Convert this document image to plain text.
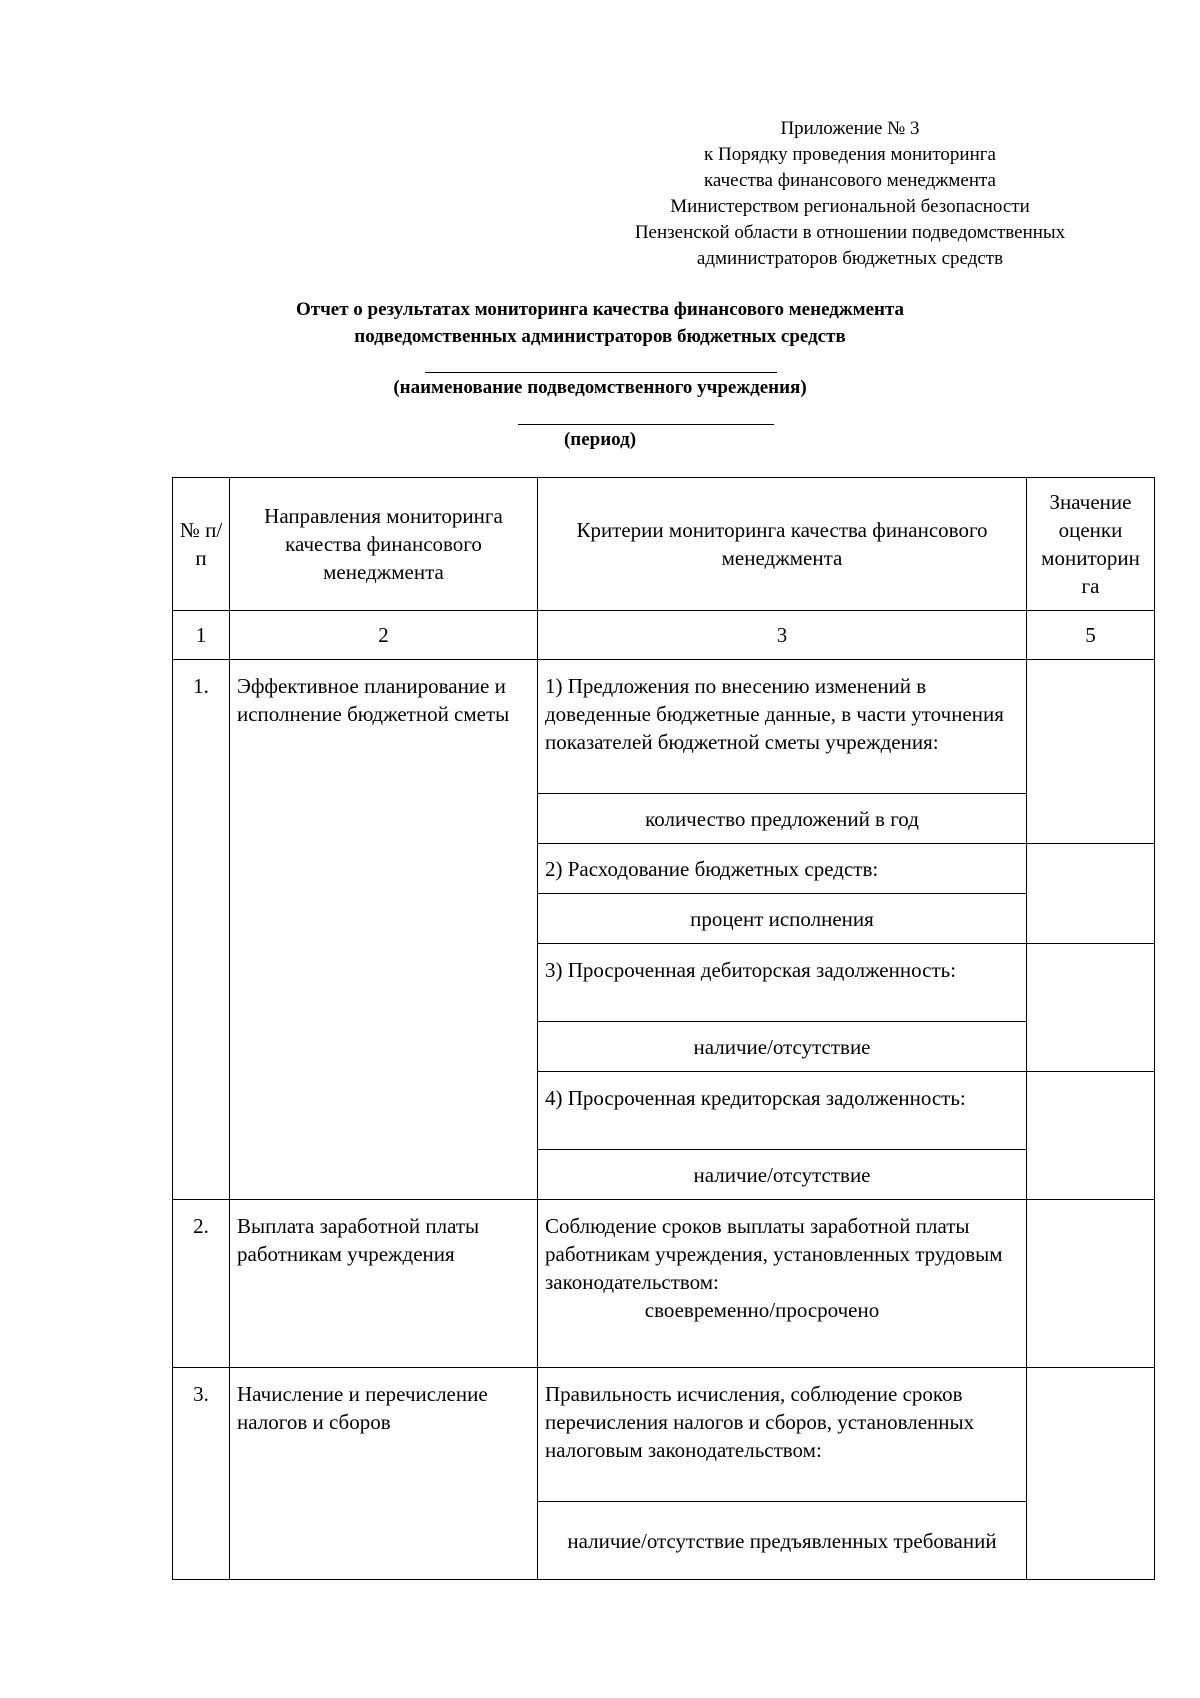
Приложение № 3
к Порядку проведения мониторинга
качества финансового менеджмента
Министерством региональной безопасности
Пензенской области в отношении подведомственных
администраторов бюджетных средств
Отчет о результатах мониторинга качества финансового менеджмента
подведомственных администраторов бюджетных средств
(наименование подведомственного учреждения)
(период)
№ п/п	Направления мониторинга качества финансового менеджмента	Критерии мониторинга качества финансового менеджмента	Значение оценки мониторин га
1	2	3	5
1.	Эффективное планирование и исполнение бюджетной сметы	1) Предложения по внесению изменений в доведенные бюджетные данные, в части уточнения показателей бюджетной сметы учреждения:	
		количество предложений в год	
		2) Расходование бюджетных средств:	
		процент исполнения	
		3) Просроченная дебиторская задолженность:	
		наличие/отсутствие	
		4) Просроченная кредиторская задолженность:	
		наличие/отсутствие	
2.	Выплата заработной платы работникам учреждения	Соблюдение сроков выплаты заработной платы работникам учреждения, установленных трудовым законодательством:
своевременно/просрочено	

3.	Начисление и перечисление налогов и сборов	Правильность исчисления, соблюдение сроков перечисления налогов и сборов, установленных налоговым законодательством:	
		наличие/отсутствие предъявленных требований	
